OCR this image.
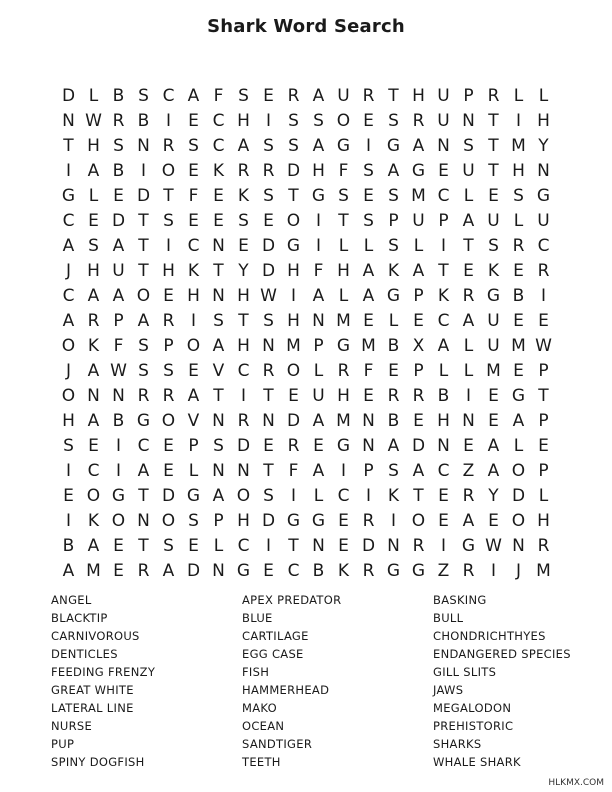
Shark Word Search
D L B S C A F S E R A U R T H U P R L L
N W R B I	E C H I	S S O E S R U N T	I H
T H S N R S C A S S A G I G A N S T M Y
I A B I O E K R R D H F S A G E U T H N
G L E D T F E K S T G S E S M C L E S G
C E D T S E E S E O I	T S P U P A U L U
A S A T	I C N E D G I	L L S L	I	T S R C
J H U T H K T Y D H F H A K A T E K E R
C A A O E H N H W I A L A G P K R G B I
A R P A R I	S T S H N M E L E C A U E E
O K F S P O A H N M P G M B X A L U M W
J A W S S E V C R O L R F E P L L M E P
O N N R R A T	I	T E U H E R R B I	E G T
H A B G O V N R N D A M N B E H N E A P
S E	I C E P S D E R E G N A D N E A L E
I C I A E L N N T F A I	P S A C Z A O P
E O G T D G A O S	I	L C I K T E R Y D L
I K O N O S P H D G G E R I O E A E O H
B A E T S E L C I	T N E D N R I G W N R
A M E R A D N G E C B K R G G Z R I	J M
ANGEL	APEX PREDATOR	BASKING
BLACKTIP	BLUE	BULL
CARNIVOROUS	CARTILAGE	CHONDRICHTHYES
DENTICLES	EGG CASE	ENDANGERED SPECIES
FEEDING FRENZY	FISH	GILL SLITS
GREAT WHITE	HAMMERHEAD	JAWS
LATERAL LINE	MAKO	MEGALODON
NURSE	OCEAN	PREHISTORIC
PUP	SANDTIGER	SHARKS
SPINY DOGFISH	TEETH	WHALE SHARK
HLKMX.COM
